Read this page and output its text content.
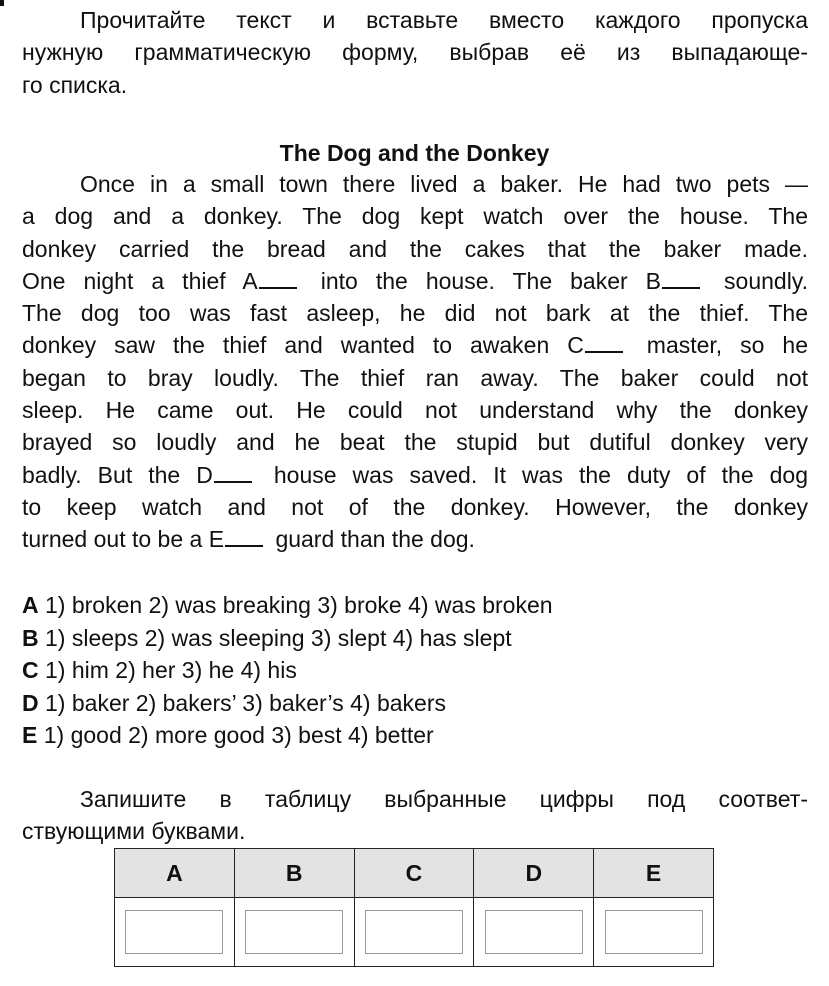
Прочитайте текст и вставьте вместо каждого пропуска
нужную грамматическую форму, выбрав её из выпадающе-
го списка.
The Dog and the Donkey
Once in a small town there lived a baker. He had two pets —
a dog and a donkey. The dog kept watch over the house. The
donkey carried the bread and the cakes that the baker made.
One night a thief A	into the house. The baker B	soundly.
The dog too was fast asleep, he did not bark at the thief. The
donkey saw the thief and wanted to awaken C	master, so he
began to bray loudly. The thief ran away. The baker could not
sleep. He came out. He could not understand why the donkey
brayed so loudly and he beat the stupid but dutiful donkey very
badly. But the D	house was saved. It was the duty of the dog
to keep watch and not of the donkey. However, the donkey
turned out to be a E guard than the dog.
A 1) broken 2) was breaking 3) broke 4) was broken
B 1) sleeps 2) was sleeping 3) slept 4) has slept
C 1) him 2) her 3) he 4) his
D 1) baker 2) bakers’ 3) baker’s 4) bakers
E 1) good 2) more good 3) best 4) better
Запишите в таблицу выбранные цифры под соответ-
ствующими буквами.
A	B	C	D	E
